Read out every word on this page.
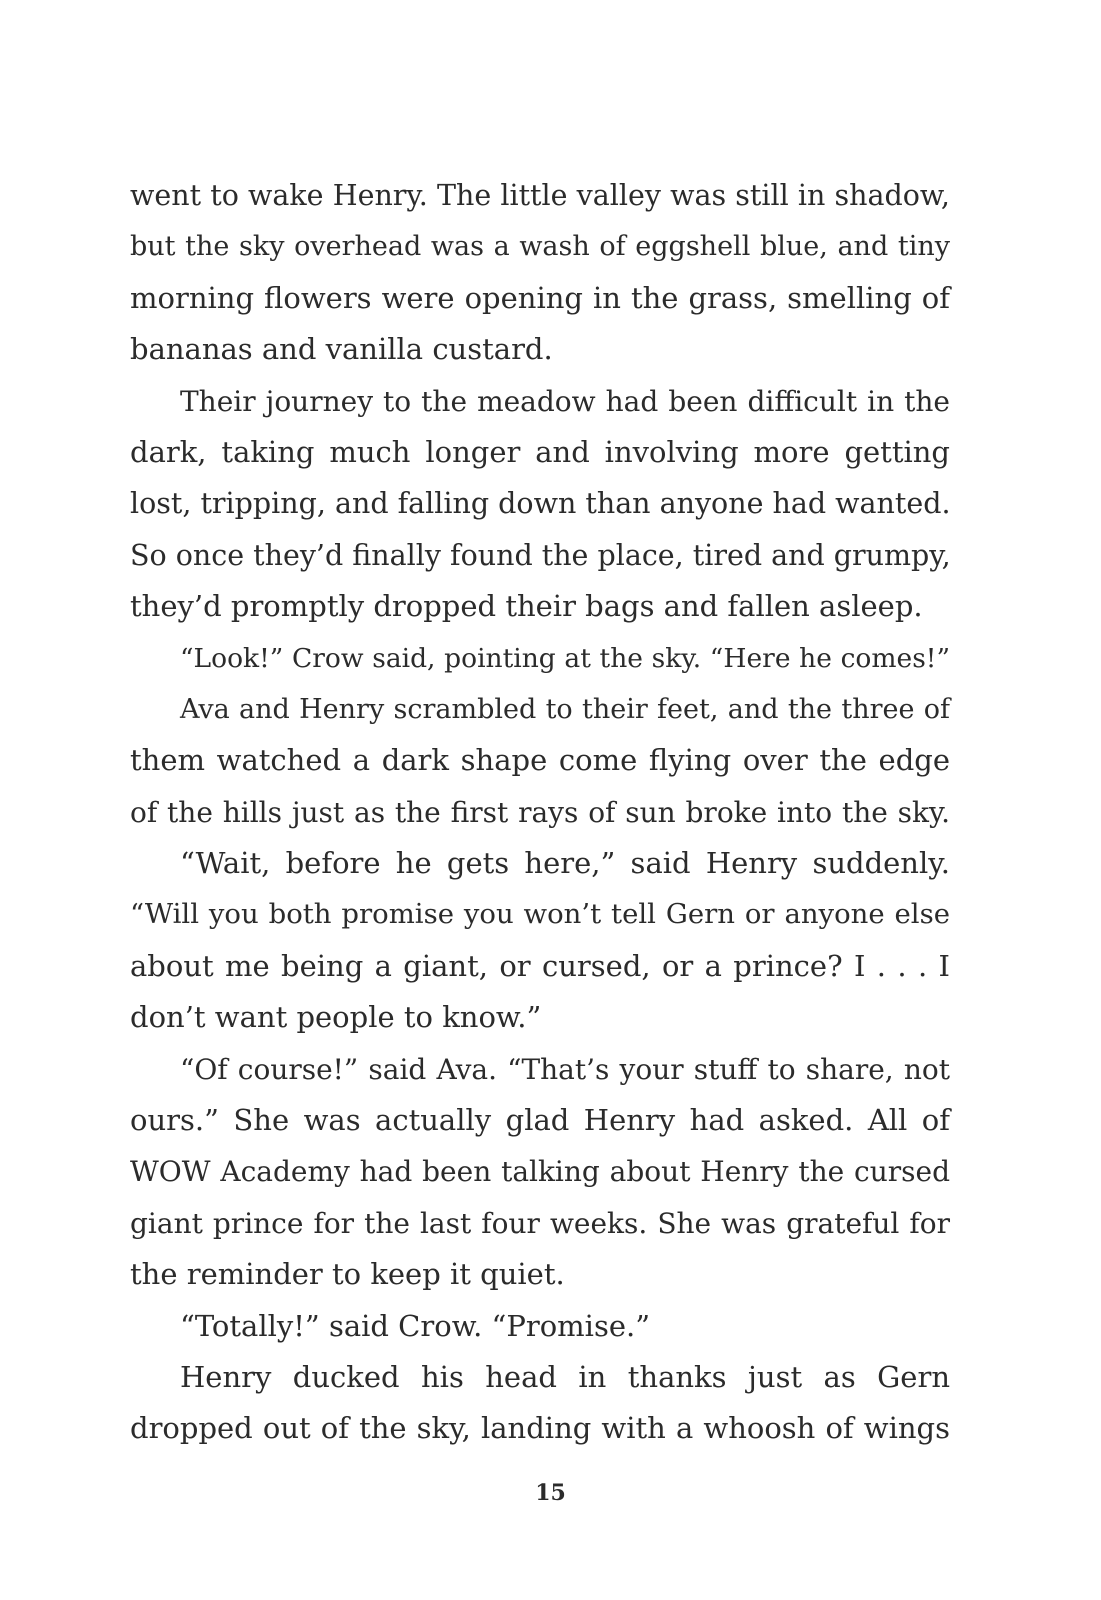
went to wake Henry. The little valley was still in shadow,
but the sky overhead was a wash of eggshell blue, and tiny
morning flowers were opening in the grass, smelling of
bananas and vanilla custard.
Their journey to the meadow had been difficult in the
dark, taking much longer and involving more getting
lost, tripping, and falling down than anyone had wanted.
So once they’d finally found the place, tired and grumpy,
they’d promptly dropped their bags and fallen asleep.
“Look!” Crow said, pointing at the sky. “Here he comes!”
Ava and Henry scrambled to their feet, and the three of
them watched a dark shape come flying over the edge
of the hills just as the first rays of sun broke into the sky.
“Wait, before he gets here,” said Henry suddenly.
“Will you both promise you won’t tell Gern or anyone else
about me being a giant, or cursed, or a prince? I . . . I
don’t want people to know.”
“Of course!” said Ava. “That’s your stuff to share, not
ours.” She was actually glad Henry had asked. All of
WOW Academy had been talking about Henry the cursed
giant prince for the last four weeks. She was grateful for
the reminder to keep it quiet.
“Totally!” said Crow. “Promise.”
Henry ducked his head in thanks just as Gern
dropped out of the sky, landing with a whoosh of wings
15
